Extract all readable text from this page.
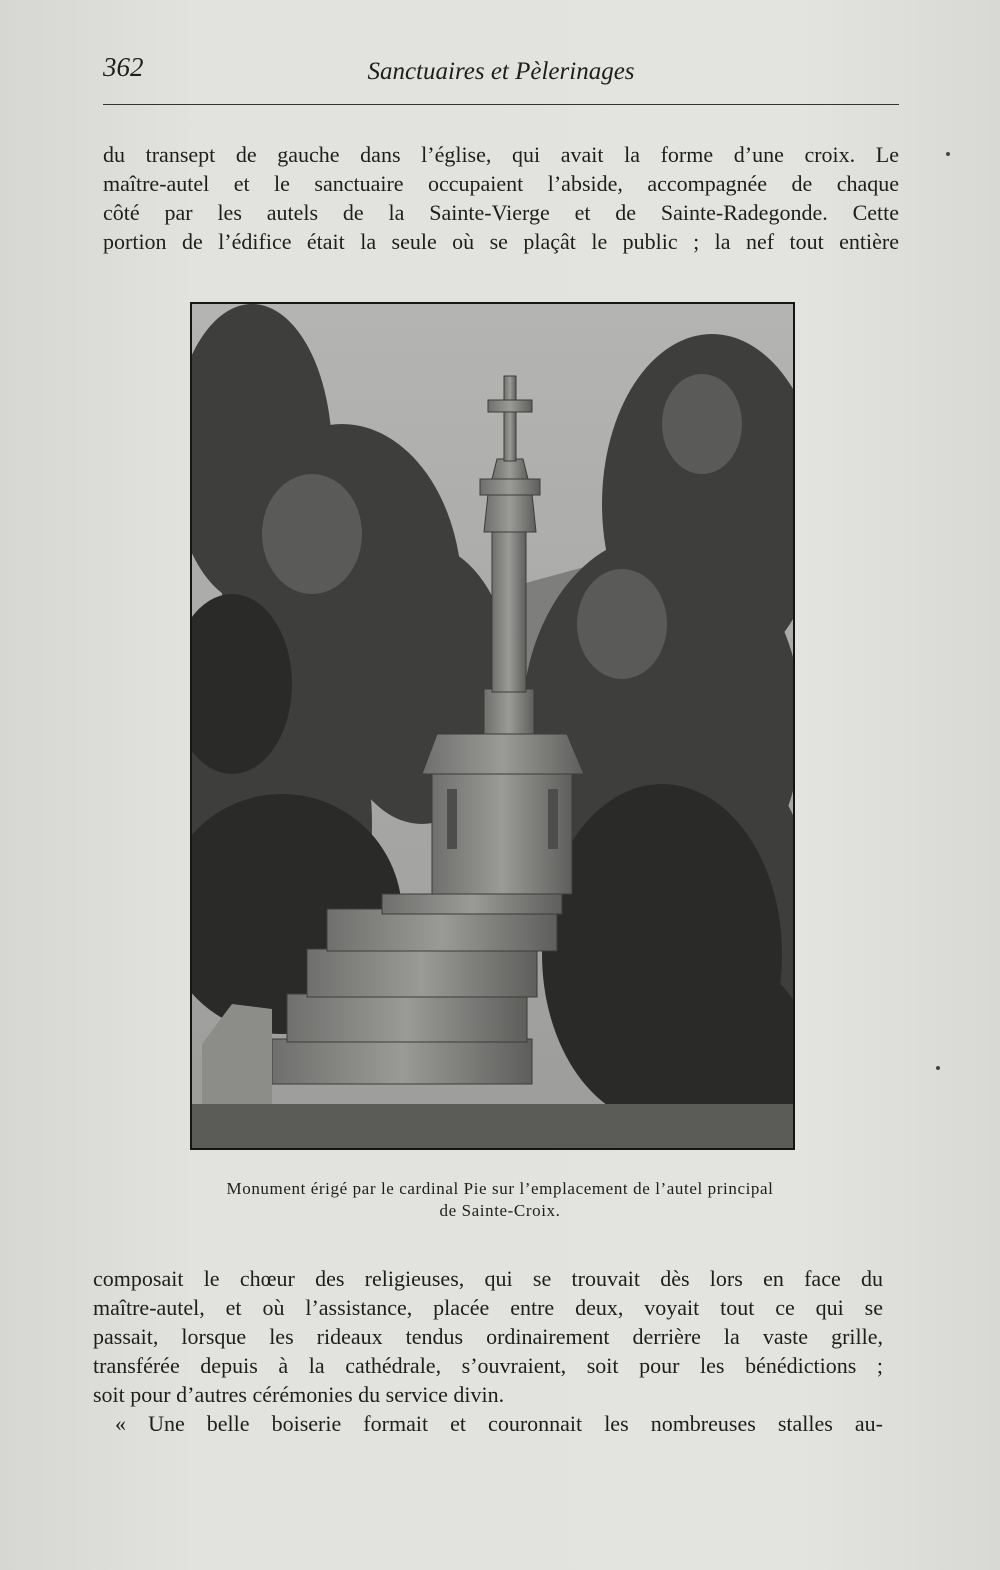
362	Sanctuaires et Pèlerinages
du transept de gauche dans l’église, qui avait la forme d’une croix. Le
maître-autel et le sanctuaire occupaient l’abside, accompagnée de chaque
côté par les autels de la Sainte-Vierge et de Sainte-Radegonde. Cette
portion de l’édifice était la seule où se plaçât le public ; la nef tout entière
Monument érigé par le cardinal Pie sur l’emplacement de l’autel principal
de Sainte-Croix.
composait le chœur des religieuses, qui se trouvait dès lors en face du
maître-autel, et où l’assistance, placée entre deux, voyait tout ce qui se
passait, lorsque les rideaux tendus ordinairement derrière la vaste grille,
transférée depuis à la cathédrale, s’ouvraient, soit pour les bénédictions ;
soit pour d’autres cérémonies du service divin.
« Une belle boiserie formait et couronnait les nombreuses stalles au-
